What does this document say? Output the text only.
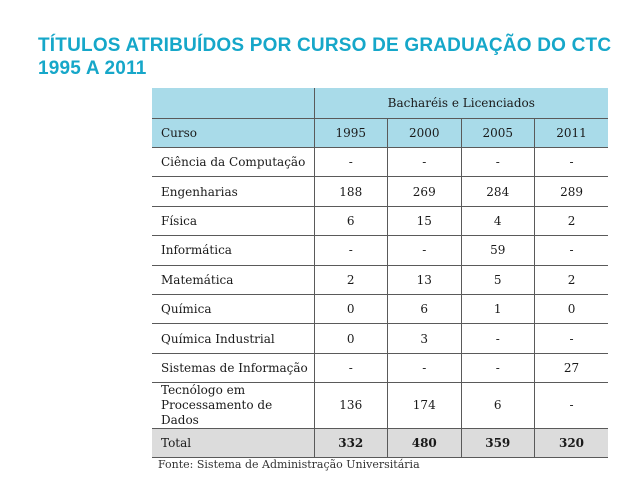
TÍTULOS ATRIBUÍDOS POR CURSO DE GRADUAÇÃO DO CTC
1995 A 2011
	Bacharéis e Licenciados			
Curso	1995	2000	2005	2011
Ciência da Computação	-	-	-	-
Engenharias	188	269	284	289
Física	6	15	4	2
Informática	-	-	59	-
Matemática	2	13	5	2
Química	0	6	1	0
Química Industrial	0	3	-	-
Sistemas de Informação	-	-	-	27

Tecnólogo em
Processamento de Dados	136	174	6	-
Total	332	480	359	320
Fonte: Sistema de Administração Universitária
